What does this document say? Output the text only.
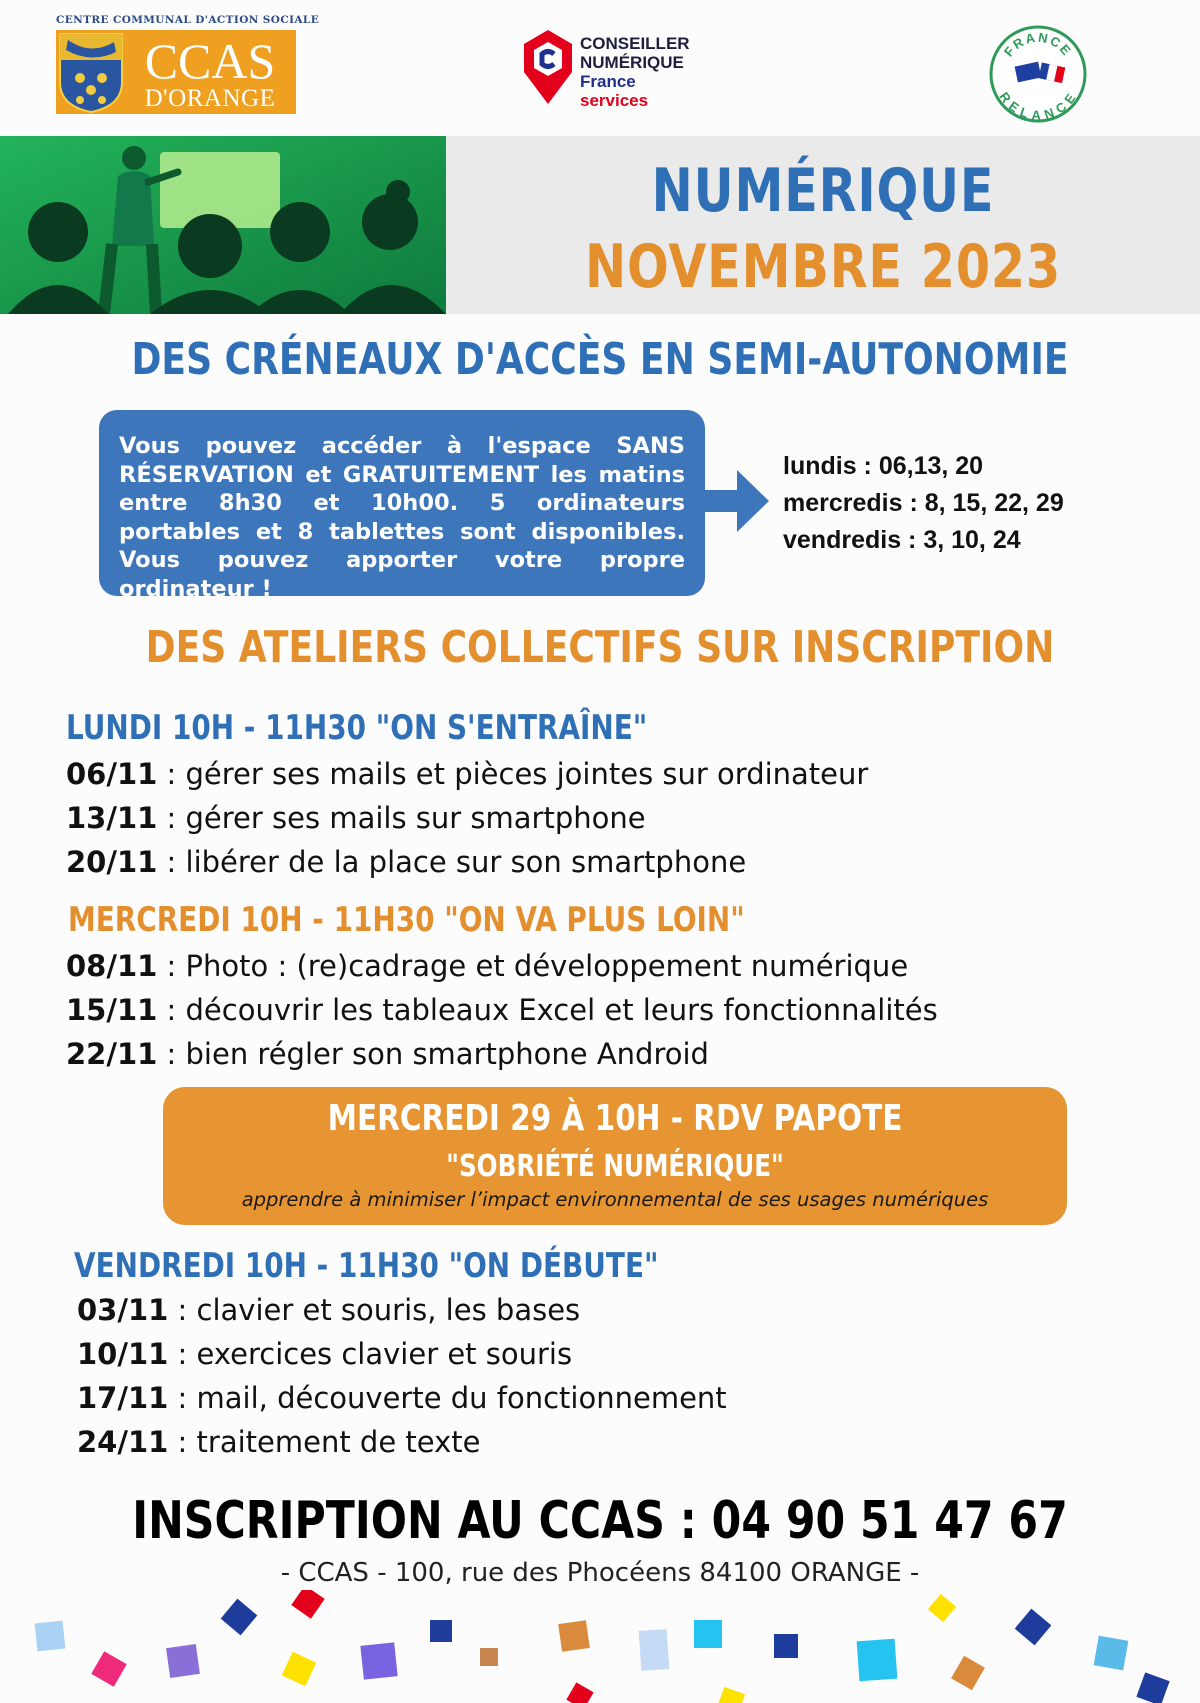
CENTRE COMMUNAL D'ACTION SOCIALE
CCAS
D'ORANGE
CONSEILLER
NUMÉRIQUE
France
services
FRANCE
RELANCE
NUMÉRIQUE
NOVEMBRE 2023
DES CRÉNEAUX D'ACCÈS EN SEMI-AUTONOMIE

Vous pouvez accéder à l'espace SANS RÉSERVATION et GRATUITEMENT les matins entre 8h30 et 10h00. 5 ordinateurs portables et 8 tablettes sont disponibles. Vous pouvez apporter votre propre ordinateur !

lundis : 06,13, 20
mercredis : 8, 15, 22, 29
vendredis : 3, 10, 24
DES ATELIERS COLLECTIFS SUR INSCRIPTION
LUNDI 10H - 11H30 "ON S'ENTRAÎNE"
06/11 : gérer ses mails et pièces jointes sur ordinateur
13/11 : gérer ses mails sur smartphone
20/11 : libérer de la place sur son smartphone
MERCREDI 10H - 11H30 "ON VA PLUS LOIN"
08/11 : Photo : (re)cadrage et développement numérique
15/11 : découvrir les tableaux Excel et leurs fonctionnalités
22/11 : bien régler son smartphone Android
MERCREDI 29 À 10H - RDV PAPOTE
"SOBRIÉTÉ NUMÉRIQUE"
apprendre à minimiser l’impact environnemental de ses usages numériques
VENDREDI 10H - 11H30 "ON DÉBUTE"
03/11 : clavier et souris, les bases
10/11 : exercices clavier et souris
17/11 : mail, découverte du fonctionnement
24/11 : traitement de texte
INSCRIPTION AU CCAS : 04 90 51 47 67
- CCAS - 100, rue des Phocéens 84100 ORANGE -
